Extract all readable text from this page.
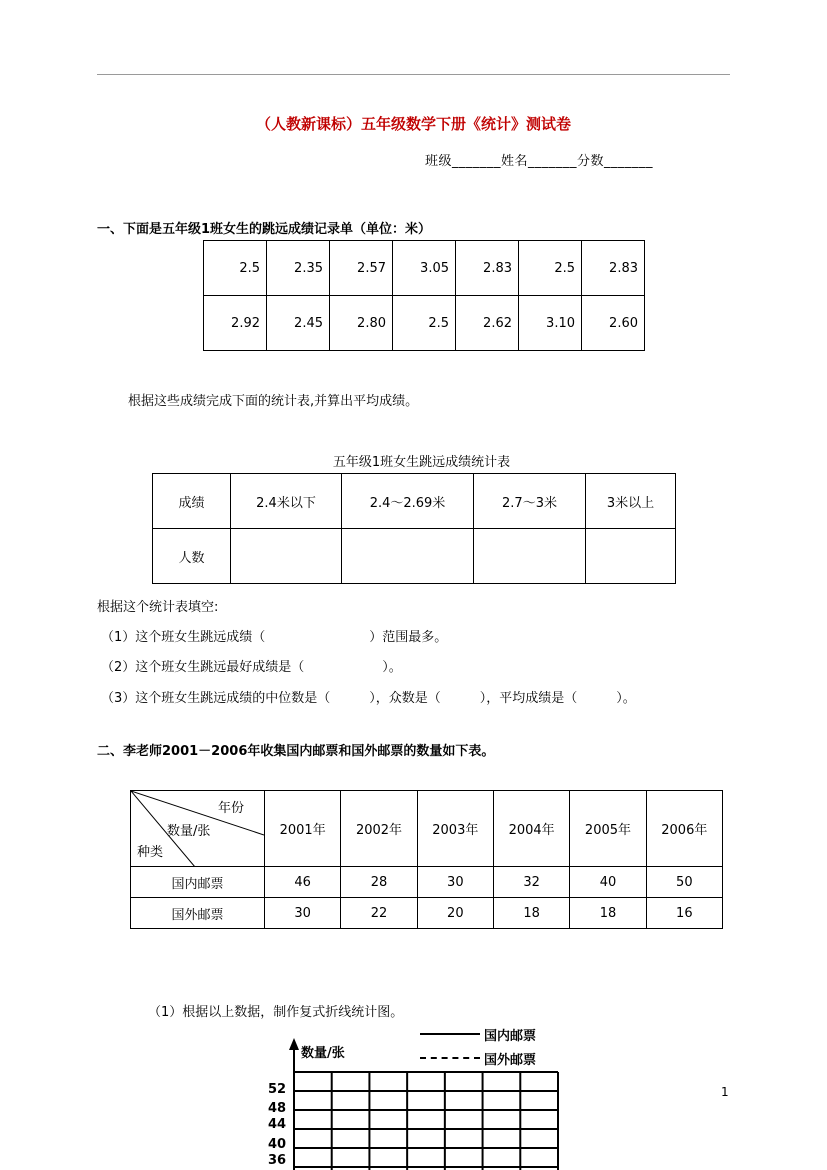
（人教新课标）五年级数学下册《统计》测试卷
班级_______姓名_______分数_______
一、下面是五年级1班女生的跳远成绩记录单（单位：米）
2.5	2.35	2.57	3.05	2.83	2.5	2.83
2.92	2.45	2.80	2.5	2.62	3.10	2.60
根据这些成绩完成下面的统计表,并算出平均成绩。
五年级1班女生跳远成绩统计表
成绩	2.4米以下	2.4～2.69米	2.7～3米	3米以上
人数				
根据这个统计表填空:
（1）这个班女生跳远成绩（　　　　　　　　）范围最多。
（2）这个班女生跳远最好成绩是（　　　　　　）。
（3）这个班女生跳远成绩的中位数是（　　　），众数是（　　　），平均成绩是（　　　）。
二、李老师2001－2006年收集国内邮票和国外邮票的数量如下表。
年份
数量/张
种类	2001年	2002年	2003年	2004年	2005年	2006年
国内邮票	46	28	30	32	40	50
国外邮票	30	22	20	18	18	16
（1）根据以上数据，制作复式折线统计图。
国内邮票
国外邮票
数量/张
52
48
44
40
36
1
